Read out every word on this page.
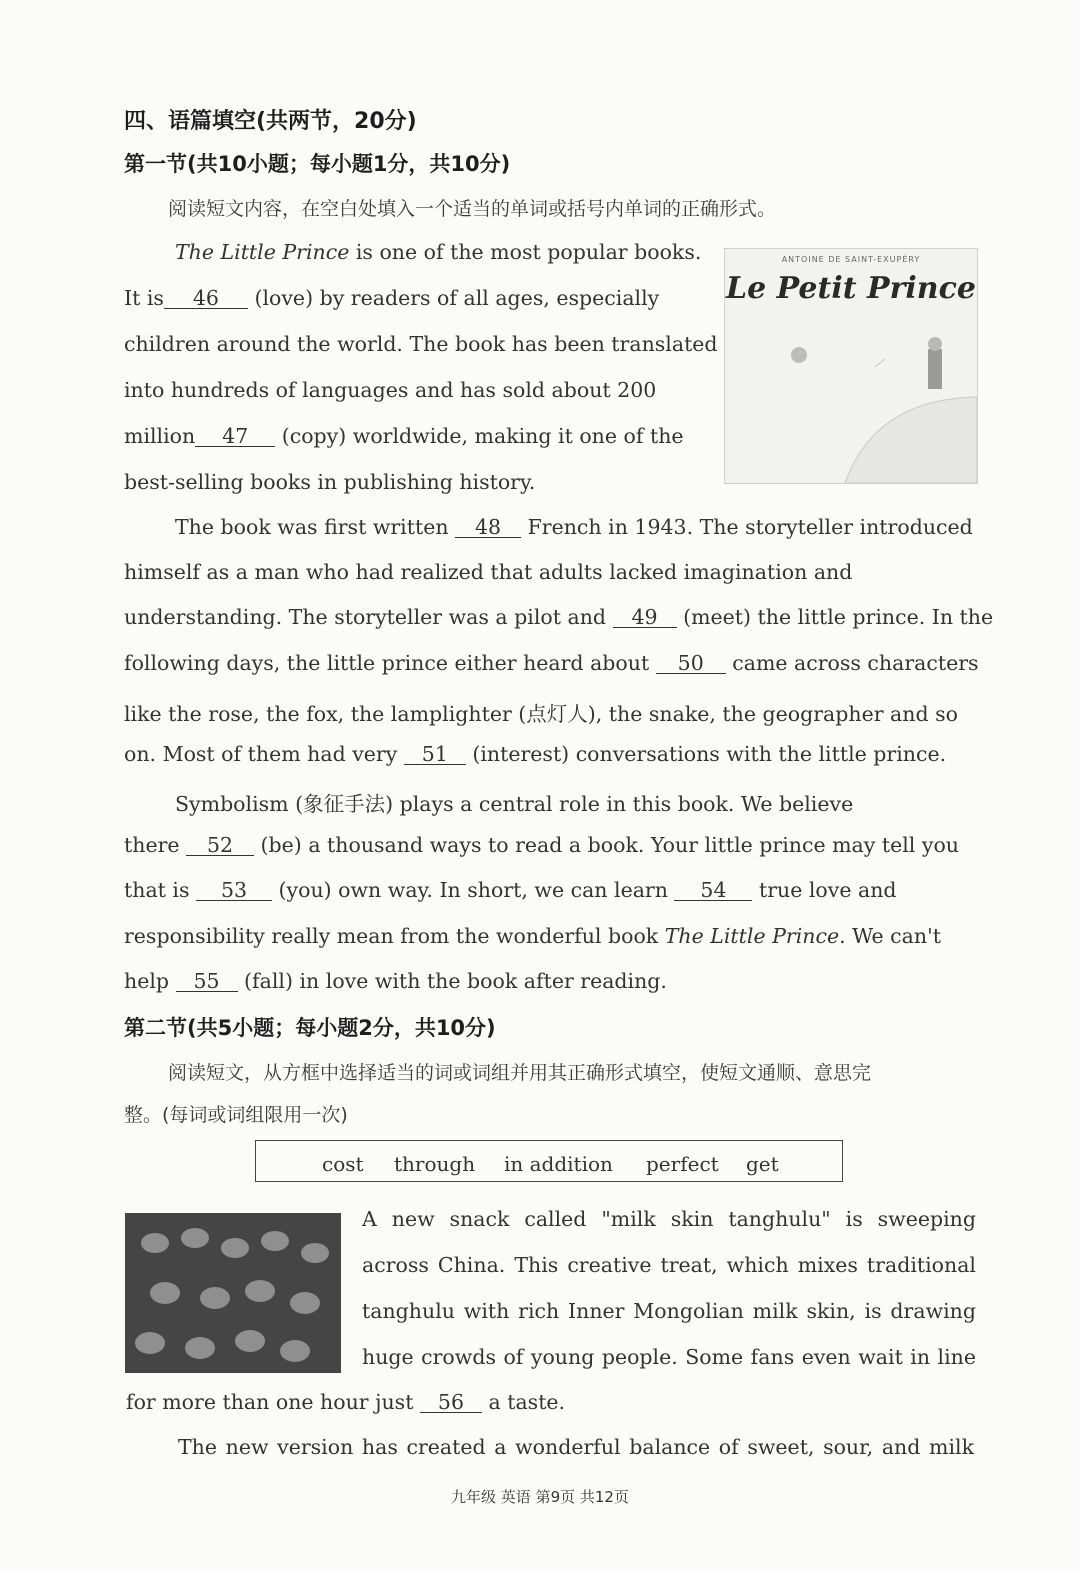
四、语篇填空(共两节，20分)
第一节(共10小题；每小题1分，共10分)
阅读短文内容，在空白处填入一个适当的单词或括号内单词的正确形式。
ANTOINE DE SAINT-EXUPÉRY
Le Petit Prince
The Little Prince is one of the most popular books.
It is 46 (love) by readers of all ages, especially
children around the world. The book has been translated
into hundreds of languages and has sold about 200
million 47 (copy) worldwide, making it one of the
best-selling books in publishing history.
The book was first written 48 French in 1943. The storyteller introduced
himself as a man who had realized that adults lacked imagination and
understanding. The storyteller was a pilot and 49 (meet) the little prince. In the
following days, the little prince either heard about 50 came across characters
like the rose, the fox, the lamplighter (点灯人), the snake, the geographer and so
on. Most of them had very 51 (interest) conversations with the little prince.
Symbolism (象征手法) plays a central role in this book. We believe
there 52 (be) a thousand ways to read a book. Your little prince may tell you
that is 53 (you) own way. In short, we can learn 54 true love and
responsibility really mean from the wonderful book The Little Prince. We can't
help 55 (fall) in love with the book after reading.
第二节(共5小题；每小题2分，共10分)
阅读短文，从方框中选择适当的词或词组并用其正确形式填空，使短文通顺、意思完
整。(每词或词组限用一次)
cost through in addition perfect get
A new snack called "milk skin tanghulu" is sweeping
across China. This creative treat, which mixes traditional
tanghulu with rich Inner Mongolian milk skin, is drawing
huge crowds of young people. Some fans even wait in line
for more than one hour just 56 a taste.
The new version has created a wonderful balance of sweet, sour, and milk
九年级 英语 第9页 共12页
